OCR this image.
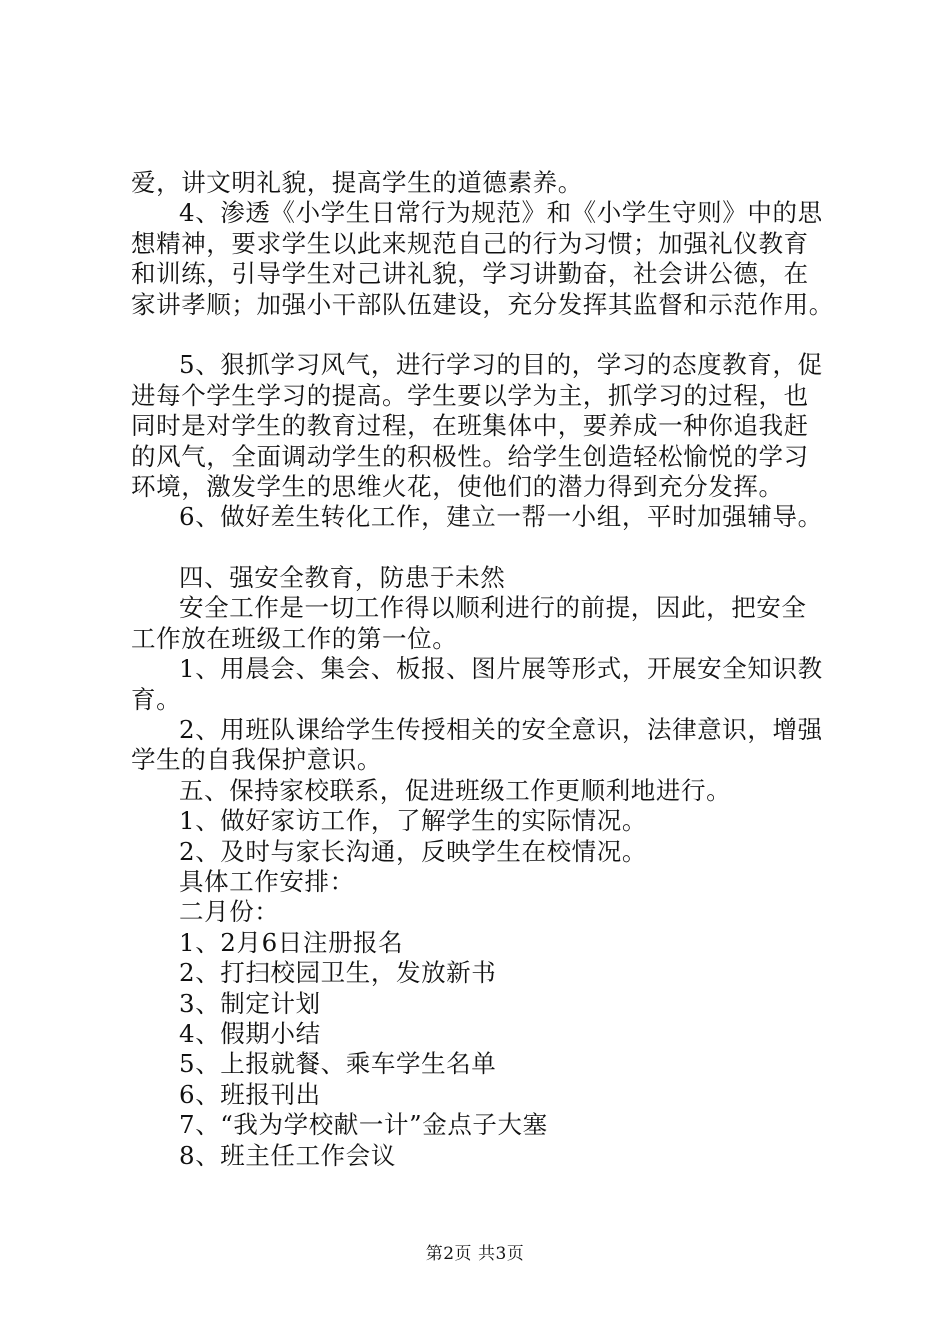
爱，讲文明礼貌，提高学生的道德素养。
4、渗透《小学生日常行为规范》和《小学生守则》中的思
想精神，要求学生以此来规范自己的行为习惯；加强礼仪教育
和训练，引导学生对己讲礼貌，学习讲勤奋，社会讲公德，在
家讲孝顺；加强小干部队伍建设，充分发挥其监督和示范作用。
5、狠抓学习风气，进行学习的目的，学习的态度教育，促
进每个学生学习的提高。学生要以学为主，抓学习的过程，也
同时是对学生的教育过程，在班集体中，要养成一种你追我赶
的风气，全面调动学生的积极性。给学生创造轻松愉悦的学习
环境，激发学生的思维火花，使他们的潜力得到充分发挥。
6、做好差生转化工作，建立一帮一小组，平时加强辅导。
四、强安全教育，防患于未然
安全工作是一切工作得以顺利进行的前提，因此，把安全
工作放在班级工作的第一位。
1、用晨会、集会、板报、图片展等形式，开展安全知识教
育。
2、用班队课给学生传授相关的安全意识，法律意识，增强
学生的自我保护意识。
五、保持家校联系，促进班级工作更顺利地进行。
1、做好家访工作，了解学生的实际情况。
2、及时与家长沟通，反映学生在校情况。
具体工作安排：
二月份：
1、2月6日注册报名
2、打扫校园卫生，发放新书
3、制定计划
4、假期小结
5、上报就餐、乘车学生名单
6、班报刊出
7、“我为学校献一计”金点子大塞
8、班主任工作会议
第2页 共3页
